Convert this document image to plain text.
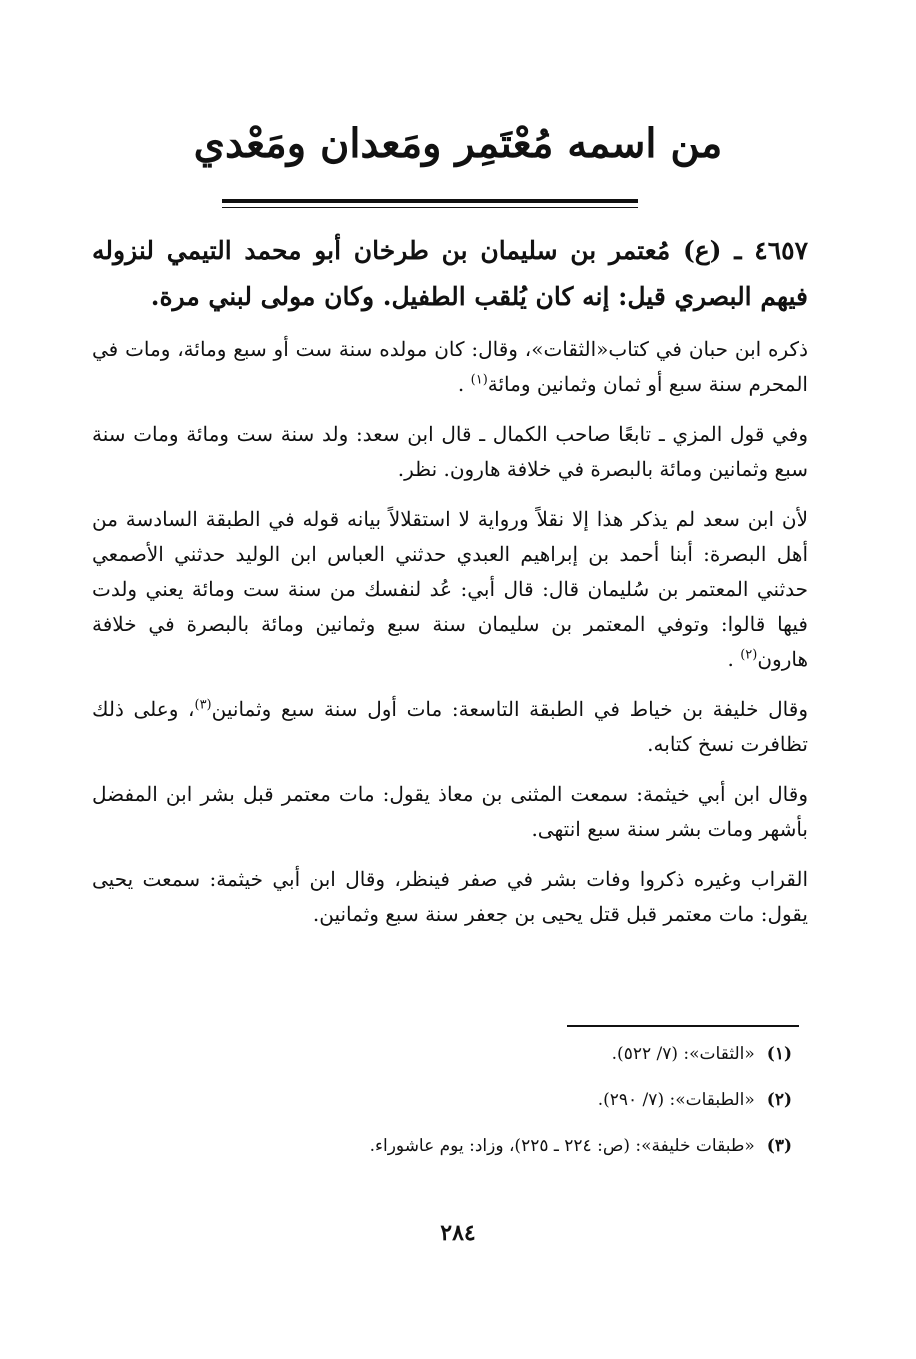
من اسمه مُعْتَمِر ومَعدان ومَعْدي

٤٦٥٧ ـ (ع) مُعتمر بن سليمان بن طرخان أبو محمد التيمي لنزوله فيهم البصري قيل: إنه كان يُلقب الطفيل. وكان مولى لبني مرة.

ذكره ابن حبان في كتاب«الثقات»، وقال: كان مولده سنة ست أو سبع ومائة، ومات في المحرم سنة سبع أو ثمان وثمانين ومائة$^{(١)}$ .

وفي قول المزي ـ تابعًا صاحب الكمال ـ قال ابن سعد: ولد سنة ست ومائة ومات سنة سبع وثمانين ومائة بالبصرة في خلافة هارون. نظر.

لأن ابن سعد لم يذكر هذا إلا نقلاً ورواية لا استقلالاً بيانه قوله في الطبقة السادسة من أهل البصرة: أبنا أحمد بن إبراهيم العبدي حدثني العباس ابن الوليد حدثني الأصمعي حدثني المعتمر بن سُليمان قال: قال أبي: عُد لنفسك من سنة ست ومائة يعني ولدت فيها قالوا: وتوفي المعتمر بن سليمان سنة سبع وثمانين ومائة بالبصرة في خلافة هارون$^{(٢)}$ .

وقال خليفة بن خياط في الطبقة التاسعة: مات أول سنة سبع وثمانين$^{(٣)}$، وعلى ذلك تظافرت نسخ كتابه.

وقال ابن أبي خيثمة: سمعت المثنى بن معاذ يقول: مات معتمر قبل بشر ابن المفضل بأشهر ومات بشر سنة سبع انتهى.

القراب وغيره ذكروا وفات بشر في صفر فينظر، وقال ابن أبي خيثمة: سمعت يحيى يقول: مات معتمر قبل قتل يحيى بن جعفر سنة سبع وثمانين.

(١)
«الثقات»: (٧/ ٥٢٢).
(٢)
«الطبقات»: (٧/ ٢٩٠).
(٣)
«طبقات خليفة»: (ص: ٢٢٤ ـ ٢٢٥)، وزاد: يوم عاشوراء.
٢٨٤
